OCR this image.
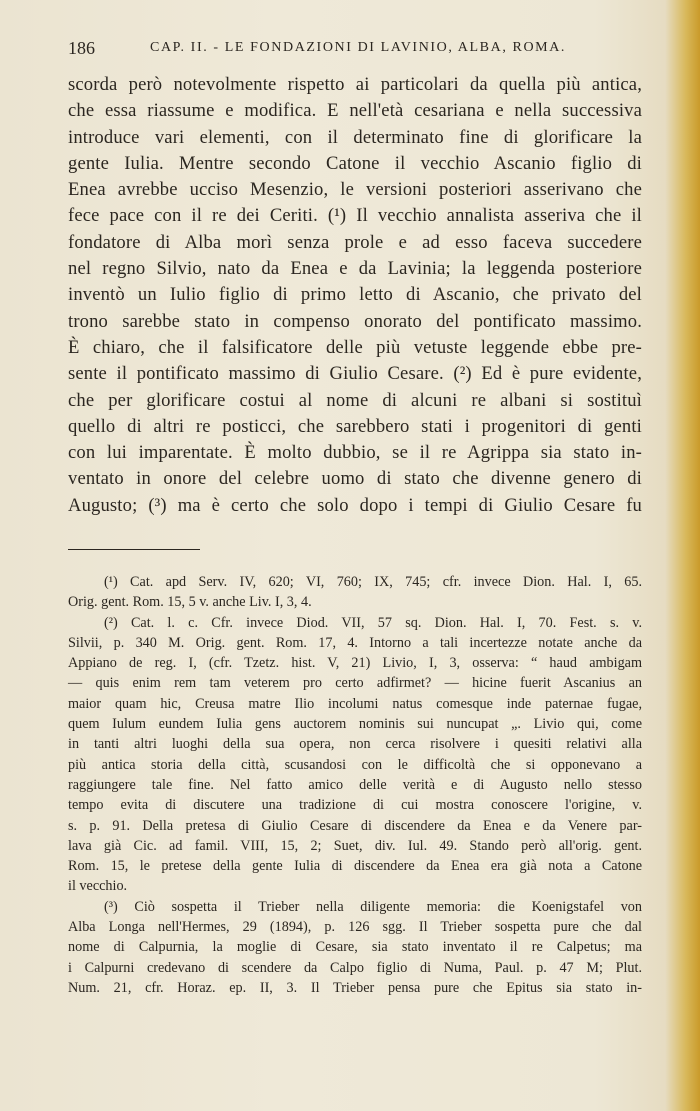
186	CAP. II. - LE FONDAZIONI DI LAVINIO, ALBA, ROMA.
scorda però notevolmente rispetto ai particolari da quella più antica,
che essa riassume e modifica. E nell'età cesariana e nella successiva
introduce vari elementi, con il determinato fine di glorificare la
gente Iulia. Mentre secondo Catone il vecchio Ascanio figlio di
Enea avrebbe ucciso Mesenzio, le versioni posteriori asserivano che
fece pace con il re dei Ceriti. (¹) Il vecchio annalista asseriva che il
fondatore di Alba morì senza prole e ad esso faceva succedere
nel regno Silvio, nato da Enea e da Lavinia; la leggenda posteriore
inventò un Iulio figlio di primo letto di Ascanio, che privato del
trono sarebbe stato in compenso onorato del pontificato massimo.
È chiaro, che il falsificatore delle più vetuste leggende ebbe pre-
sente il pontificato massimo di Giulio Cesare. (²) Ed è pure evidente,
che per glorificare costui al nome di alcuni re albani si sostituì
quello di altri re posticci, che sarebbero stati i progenitori di genti
con lui imparentate. È molto dubbio, se il re Agrippa sia stato in-
ventato in onore del celebre uomo di stato che divenne genero di
Augusto; (³) ma è certo che solo dopo i tempi di Giulio Cesare fu
(¹) Cat. apd Serv. IV, 620; VI, 760; IX, 745; cfr. invece Dion. Hal. I, 65.
Orig. gent. Rom. 15, 5 v. anche Liv. I, 3, 4.
(²) Cat. l. c. Cfr. invece Diod. VII, 57 sq. Dion. Hal. I, 70. Fest. s. v.
Silvii, p. 340 M. Orig. gent. Rom. 17, 4. Intorno a tali incertezze notate anche da
Appiano de reg. I, (cfr. Tzetz. hist. V, 21) Livio, I, 3, osserva: “ haud ambigam
— quis enim rem tam veterem pro certo adfirmet? — hicine fuerit Ascanius an
maior quam hic, Creusa matre Ilio incolumi natus comesque inde paternae fugae,
quem Iulum eundem Iulia gens auctorem nominis sui nuncupat „. Livio qui, come
in tanti altri luoghi della sua opera, non cerca risolvere i quesiti relativi alla
più antica storia della città, scusandosi con le difficoltà che si opponevano a
raggiungere tale fine. Nel fatto amico delle verità e di Augusto nello stesso
tempo evita di discutere una tradizione di cui mostra conoscere l'origine, v.
s. p. 91. Della pretesa di Giulio Cesare di discendere da Enea e da Venere par-
lava già Cic. ad famil. VIII, 15, 2; Suet, div. Iul. 49. Stando però all'orig. gent.
Rom. 15, le pretese della gente Iulia di discendere da Enea era già nota a Catone
il vecchio.
(³) Ciò sospetta il Trieber nella diligente memoria: die Koenigstafel von
Alba Longa nell'Hermes, 29 (1894), p. 126 sgg. Il Trieber sospetta pure che dal
nome di Calpurnia, la moglie di Cesare, sia stato inventato il re Calpetus; ma
i Calpurni credevano di scendere da Calpo figlio di Numa, Paul. p. 47 M; Plut.
Num. 21, cfr. Horaz. ep. II, 3. Il Trieber pensa pure che Epitus sia stato in-
